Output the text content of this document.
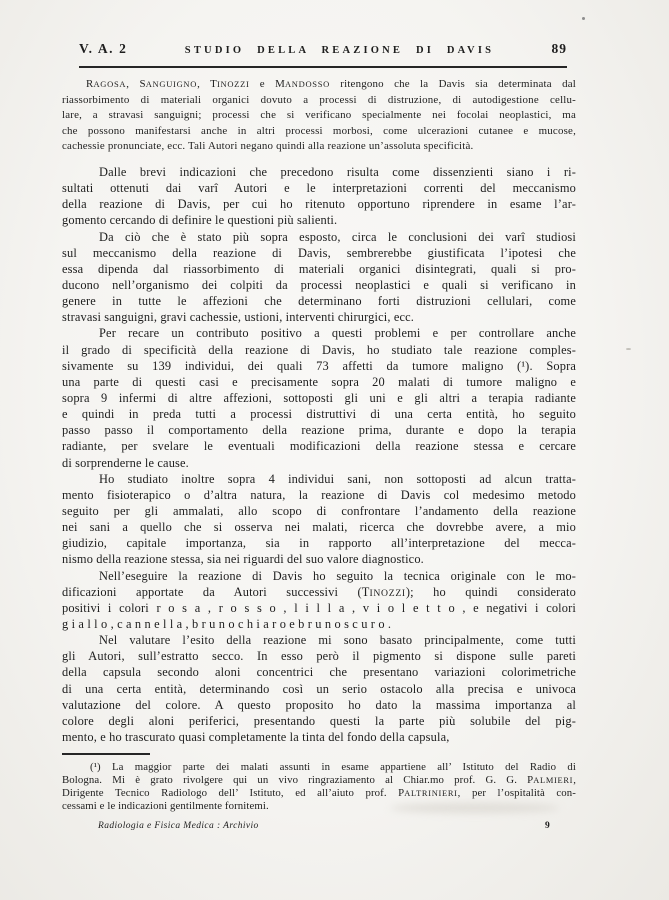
V. A. 2	STUDIO DELLA REAZIONE DI DAVIS	89
RAGOSA, SANGUIGNO, TINOZZI e MANDOSSO ritengono che la Davis sia determinata dal
riassorbimento di materiali organici dovuto a processi di distruzione, di autodigestione cellu-
lare, a stravasi sanguigni; processi che si verificano specialmente nei focolai neoplastici, ma
che possono manifestarsi anche in altri processi morbosi, come ulcerazioni cutanee e mucose,
cachessie pronunciate, ecc. Tali Autori negano quindi alla reazione un’assoluta specificità.
Dalle brevi indicazioni che precedono risulta come dissenzienti siano i ri-
sultati ottenuti dai varî Autori e le interpretazioni correnti del meccanismo
della reazione di Davis, per cui ho ritenuto opportuno riprendere in esame l’ar-
gomento cercando di definire le questioni più salienti.
Da ciò che è stato più sopra esposto, circa le conclusioni dei varî studiosi
sul meccanismo della reazione di Davis, sembrerebbe giustificata l’ipotesi che
essa dipenda dal riassorbimento di materiali organici disintegrati, quali si pro-
ducono nell’organismo dei colpiti da processi neoplastici e quali si verificano in
genere in tutte le affezioni che determinano forti distruzioni cellulari, come
stravasi sanguigni, gravi cachessie, ustioni, interventi chirurgici, ecc.
Per recare un contributo positivo a questi problemi e per controllare anche
il grado di specificità della reazione di Davis, ho studiato tale reazione comples-
sivamente su 139 individui, dei quali 73 affetti da tumore maligno (¹). Sopra
una parte di questi casi e precisamente sopra 20 malati di tumore maligno e
sopra 9 infermi di altre affezioni, sottoposti gli uni e gli altri a terapia radiante
e quindi in preda tutti a processi distruttivi di una certa entità, ho seguito
passo passo il comportamento della reazione prima, durante e dopo la terapia
radiante, per svelare le eventuali modificazioni della reazione stessa e cercare
di sorprenderne le cause.
Ho studiato inoltre sopra 4 individui sani, non sottoposti ad alcun tratta-
mento fisioterapico o d’altra natura, la reazione di Davis col medesimo metodo
seguito per gli ammalati, allo scopo di confrontare l’andamento della reazione
nei sani a quello che si osserva nei malati, ricerca che dovrebbe avere, a mio
giudizio, capitale importanza, sia in rapporto all’interpretazione del mecca-
nismo della reazione stessa, sia nei riguardi del suo valore diagnostico.
Nell’eseguire la reazione di Davis ho seguito la tecnica originale con le mo-
dificazioni apportate da Autori successivi (TINOZZI); ho quindi considerato
positivi i colori r o s a , r o s s o , l i l l a , v i o l e t t o , e negativi i colori
g i a l l o , c a n n e l l a , b r u n o c h i a r o e b r u n o s c u r o .
Nel valutare l’esito della reazione mi sono basato principalmente, come tutti
gli Autori, sull’estratto secco. In esso però il pigmento si dispone sulle pareti
della capsula secondo aloni concentrici che presentano variazioni colorimetriche
di una certa entità, determinando così un serio ostacolo alla precisa e univoca
valutazione del colore. A questo proposito ho dato la massima importanza al
colore degli aloni periferici, presentando questi la parte più solubile del pig-
mento, e ho trascurato quasi completamente la tinta del fondo della capsula,
(¹) La maggior parte dei malati assunti in esame appartiene all’ Istituto del Radio di
Bologna. Mi è grato rivolgere qui un vivo ringraziamento al Chiar.mo prof. G. G. PALMIERI,
Dirigente Tecnico Radiologo dell’ Istituto, ed all’aiuto prof. PALTRINIERI, per l’ospitalità con-
cessami e le indicazioni gentilmente fornitemi.
Radiologia e Fisica Medica : Archivio	9
